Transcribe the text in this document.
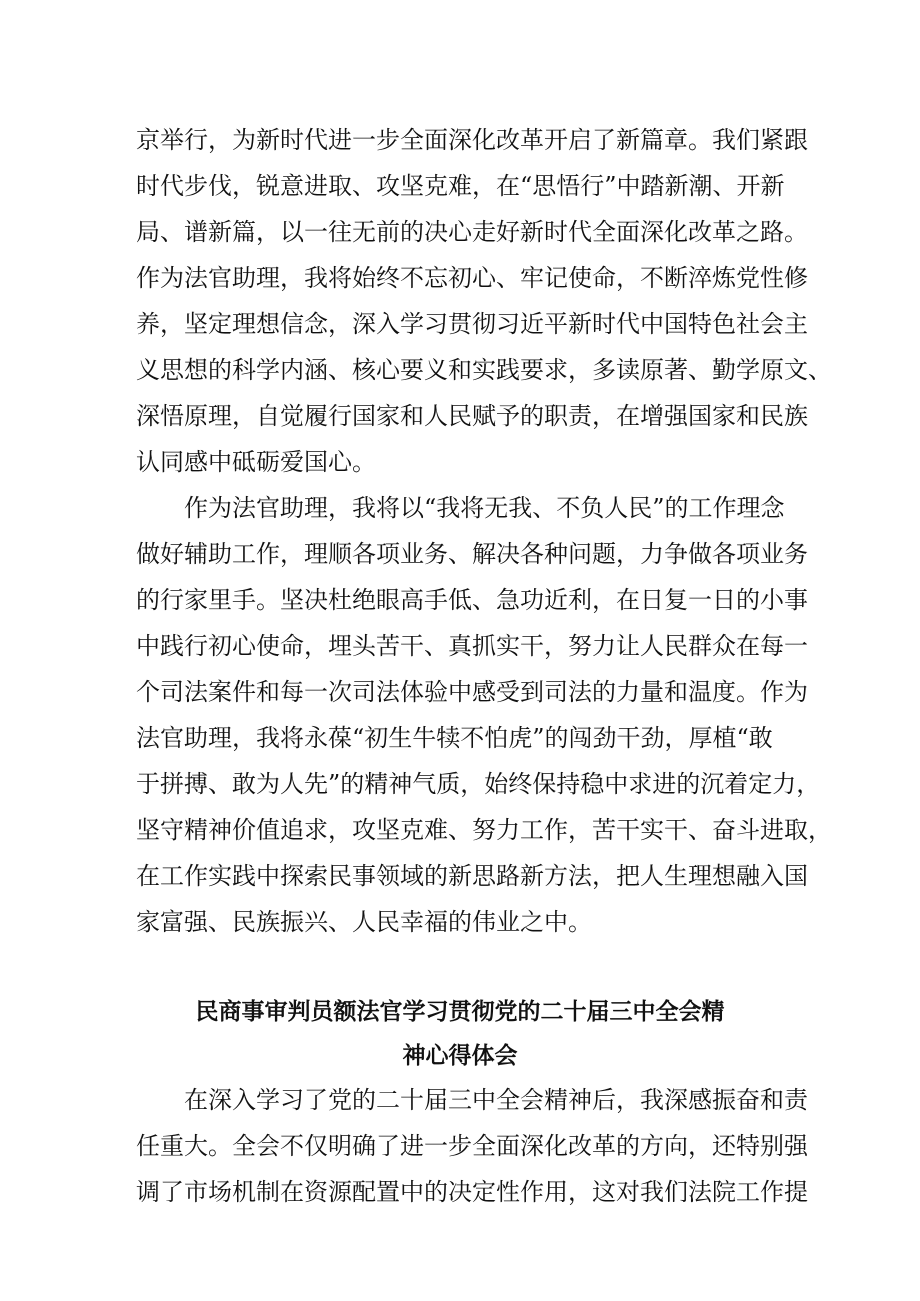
京举行，为新时代进一步全面深化改革开启了新篇章。我们紧跟
时代步伐，锐意进取、攻坚克难，在“思悟行”中踏新潮、开新
局、谱新篇，以一往无前的决心走好新时代全面深化改革之路。
作为法官助理，我将始终不忘初心、牢记使命，不断淬炼党性修
养，坚定理想信念，深入学习贯彻习近平新时代中国特色社会主
义思想的科学内涵、核心要义和实践要求，多读原著、勤学原文、
深悟原理，自觉履行国家和人民赋予的职责，在增强国家和民族
认同感中砥砺爱国心。
作为法官助理，我将以“我将无我、不负人民”的工作理念
做好辅助工作，理顺各项业务、解决各种问题，力争做各项业务
的行家里手。坚决杜绝眼高手低、急功近利，在日复一日的小事
中践行初心使命，埋头苦干、真抓实干，努力让人民群众在每一
个司法案件和每一次司法体验中感受到司法的力量和温度。作为
法官助理，我将永葆“初生牛犊不怕虎”的闯劲干劲，厚植“敢
于拼搏、敢为人先”的精神气质，始终保持稳中求进的沉着定力，
坚守精神价值追求，攻坚克难、努力工作，苦干实干、奋斗进取，
在工作实践中探索民事领域的新思路新方法，把人生理想融入国
家富强、民族振兴、人民幸福的伟业之中。
民商事审判员额法官学习贯彻党的二十届三中全会精
神心得体会
在深入学习了党的二十届三中全会精神后，我深感振奋和责
任重大。全会不仅明确了进一步全面深化改革的方向，还特别强
调了市场机制在资源配置中的决定性作用，这对我们法院工作提
